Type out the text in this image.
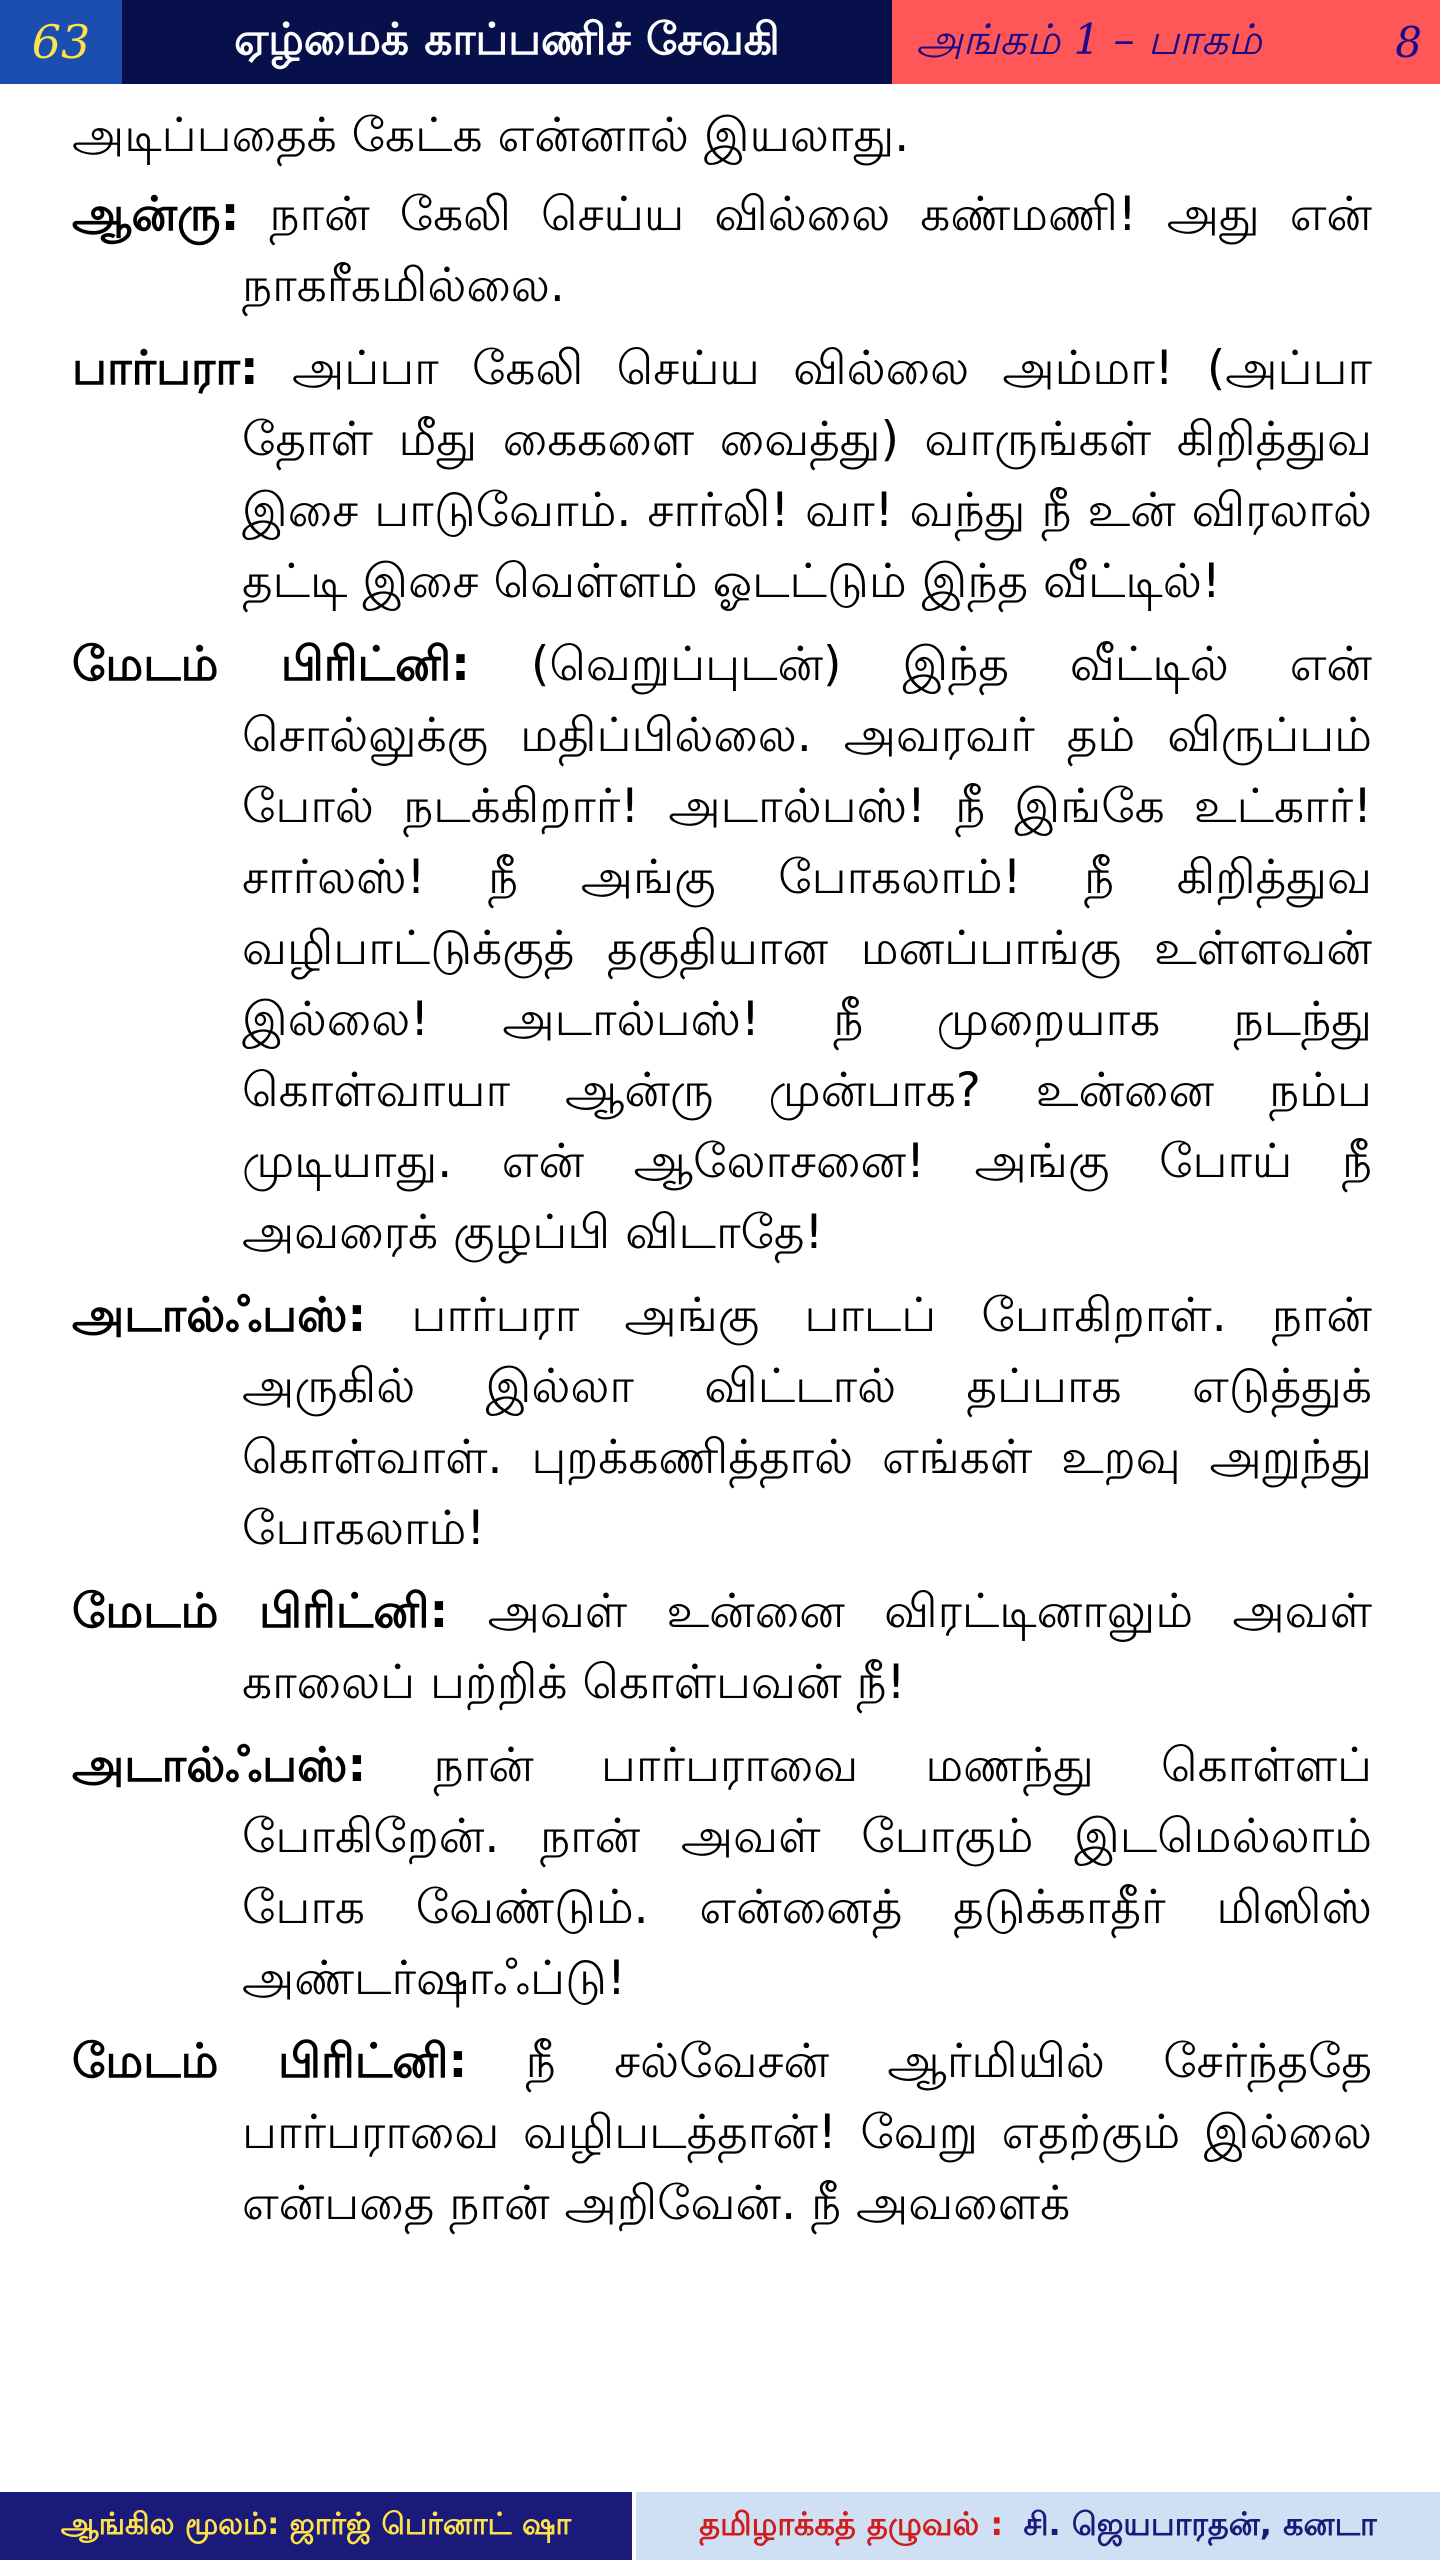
63	ஏழ்மைக் காப்பணிச் சேவகி	அங்கம் 1 – பாகம்	8

அடிப்பதைக் கேட்க என்னால் இயலாது.

ஆன்ரு: நான் கேலி செய்ய வில்லை கண்மணி! அது என் நாகரீகமில்லை.

பார்பரா: அப்பா கேலி செய்ய வில்லை அம்மா! (அப்பா தோள் மீது கைகளை வைத்து) வாருங்கள் கிறித்துவ இசை பாடுவோம். சார்லி! வா! வந்து நீ உன் விரலால் தட்டி இசை வெள்ளம் ஓடட்டும் இந்த வீட்டில்!

மேடம் பிரிட்னி: (வெறுப்புடன்) இந்த வீட்டில் என் சொல்லுக்கு மதிப்பில்லை. அவரவர் தம் விருப்பம் போல் நடக்கிறார்! அடால்பஸ்! நீ இங்கே உட்கார்! சார்லஸ்! நீ அங்கு போகலாம்! நீ கிறித்துவ வழிபாட்டுக்குத் தகுதியான மனப்பாங்கு உள்ளவன் இல்லை! அடால்பஸ்! நீ முறையாக நடந்து கொள்வாயா ஆன்ரு முன்பாக? உன்னை நம்ப முடியாது. என் ஆலோசனை! அங்கு போய் நீ அவரைக் குழப்பி விடாதே!

அடால்ஃபஸ்: பார்பரா அங்கு பாடப் போகிறாள். நான் அருகில் இல்லா விட்டால் தப்பாக எடுத்துக் கொள்வாள். புறக்கணித்தால் எங்கள் உறவு அறுந்து போகலாம்!

மேடம் பிரிட்னி: அவள் உன்னை விரட்டினாலும் அவள் காலைப் பற்றிக் கொள்பவன் நீ!

அடால்ஃபஸ்: நான் பார்பராவை மணந்து கொள்ளப் போகிறேன். நான் அவள் போகும் இடமெல்லாம் போக வேண்டும். என்னைத் தடுக்காதீர் மிஸிஸ் அண்டர்ஷாஃப்டு!

மேடம் பிரிட்னி: நீ சல்வேசன் ஆர்மியில் சேர்ந்ததே பார்பராவை வழிபடத்தான்! வேறு எதற்கும் இல்லை என்பதை நான் அறிவேன். நீ அவளைக்

ஆங்கில மூலம்:
ஜார்ஜ் பெர்னாட் ஷா	தமிழாக்கத் தழுவல் :
சி. ஜெயபாரதன், கனடா
